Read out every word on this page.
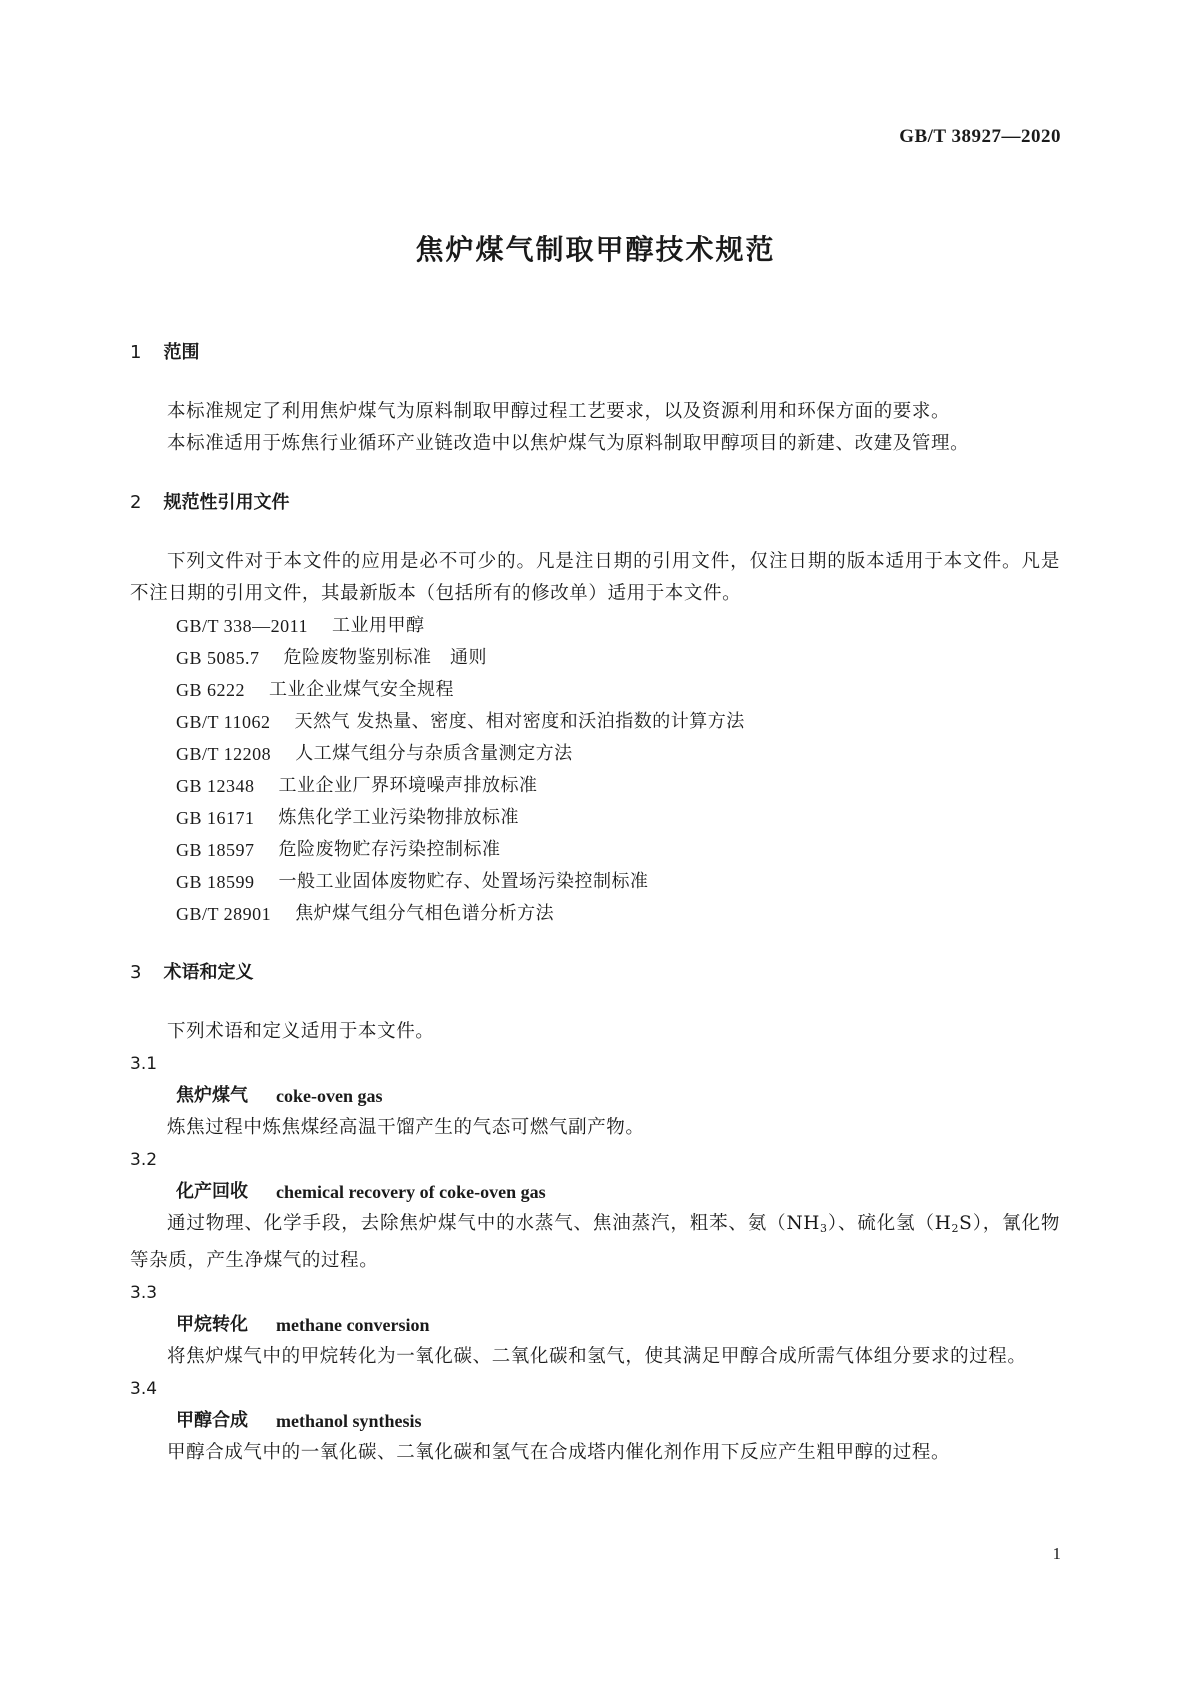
GB/T 38927—2020
焦炉煤气制取甲醇技术规范
1 范围

本标准规定了利用焦炉煤气为原料制取甲醇过程工艺要求，以及资源利用和环保方面的要求。

本标准适用于炼焦行业循环产业链改造中以焦炉煤气为原料制取甲醇项目的新建、改建及管理。

2 规范性引用文件

下列文件对于本文件的应用是必不可少的。凡是注日期的引用文件，仅注日期的版本适用于本文件。凡是不注日期的引用文件，其最新版本（包括所有的修改单）适用于本文件。

GB/T 338—2011 工业用甲醇
GB 5085.7 危险废物鉴别标准　通则
GB 6222 工业企业煤气安全规程
GB/T 11062 天然气 发热量、密度、相对密度和沃泊指数的计算方法
GB/T 12208 人工煤气组分与杂质含量测定方法
GB 12348 工业企业厂界环境噪声排放标准
GB 16171 炼焦化学工业污染物排放标准
GB 18597 危险废物贮存污染控制标准
GB 18599 一般工业固体废物贮存、处置场污染控制标准
GB/T 28901 焦炉煤气组分气相色谱分析方法
3 术语和定义

下列术语和定义适用于本文件。

3.1
焦炉煤气 coke-oven gas

炼焦过程中炼焦煤经高温干馏产生的气态可燃气副产物。

3.2
化产回收 chemical recovery of coke-oven gas

通过物理、化学手段，去除焦炉煤气中的水蒸气、焦油蒸汽，粗苯、氨$(NH_3)$、硫化氢$(H_2S)$，氰化物等杂质，产生净煤气的过程。

3.3
甲烷转化 methane conversion

将焦炉煤气中的甲烷转化为一氧化碳、二氧化碳和氢气，使其满足甲醇合成所需气体组分要求的过程。

3.4
甲醇合成 methanol synthesis

甲醇合成气中的一氧化碳、二氧化碳和氢气在合成塔内催化剂作用下反应产生粗甲醇的过程。

1
